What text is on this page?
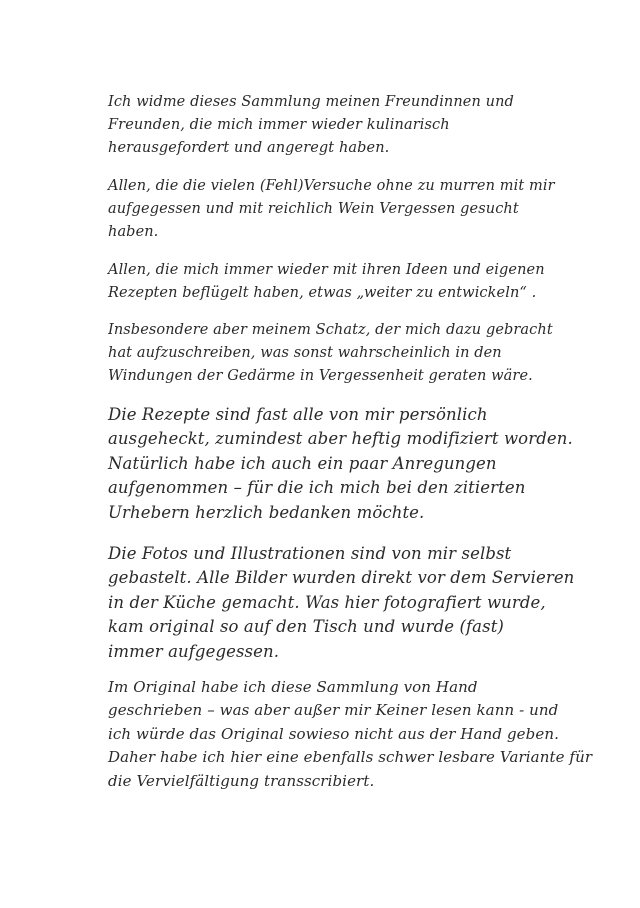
Ich widme dieses Sammlung meinen Freundinnen und
Freunden, die mich immer wieder kulinarisch
herausgefordert und angeregt haben.

Allen, die die vielen (Fehl)Versuche ohne zu murren mit mir
aufgegessen und mit reichlich Wein Vergessen gesucht
haben.

Allen, die mich immer wieder mit ihren Ideen und eigenen
Rezepten beflügelt haben, etwas „weiter zu entwickeln“ .

Insbesondere aber meinem Schatz, der mich dazu gebracht
hat aufzuschreiben, was sonst wahrscheinlich in den
Windungen der Gedärme in Vergessenheit geraten wäre.

Die Rezepte sind fast alle von mir persönlich
ausgeheckt, zumindest aber heftig modifiziert worden.
Natürlich habe ich auch ein paar Anregungen
aufgenommen – für die ich mich bei den zitierten
Urhebern herzlich bedanken möchte.

Die Fotos und Illustrationen sind von mir selbst
gebastelt. Alle Bilder wurden direkt vor dem Servieren
in der Küche gemacht. Was hier fotografiert wurde,
kam original so auf den Tisch und wurde (fast)
immer aufgegessen.

Im Original habe ich diese Sammlung von Hand
geschrieben – was aber außer mir Keiner lesen kann - und
ich würde das Original sowieso nicht aus der Hand geben.
Daher habe ich hier eine ebenfalls schwer lesbare Variante für
die Vervielfältigung transscribiert.
